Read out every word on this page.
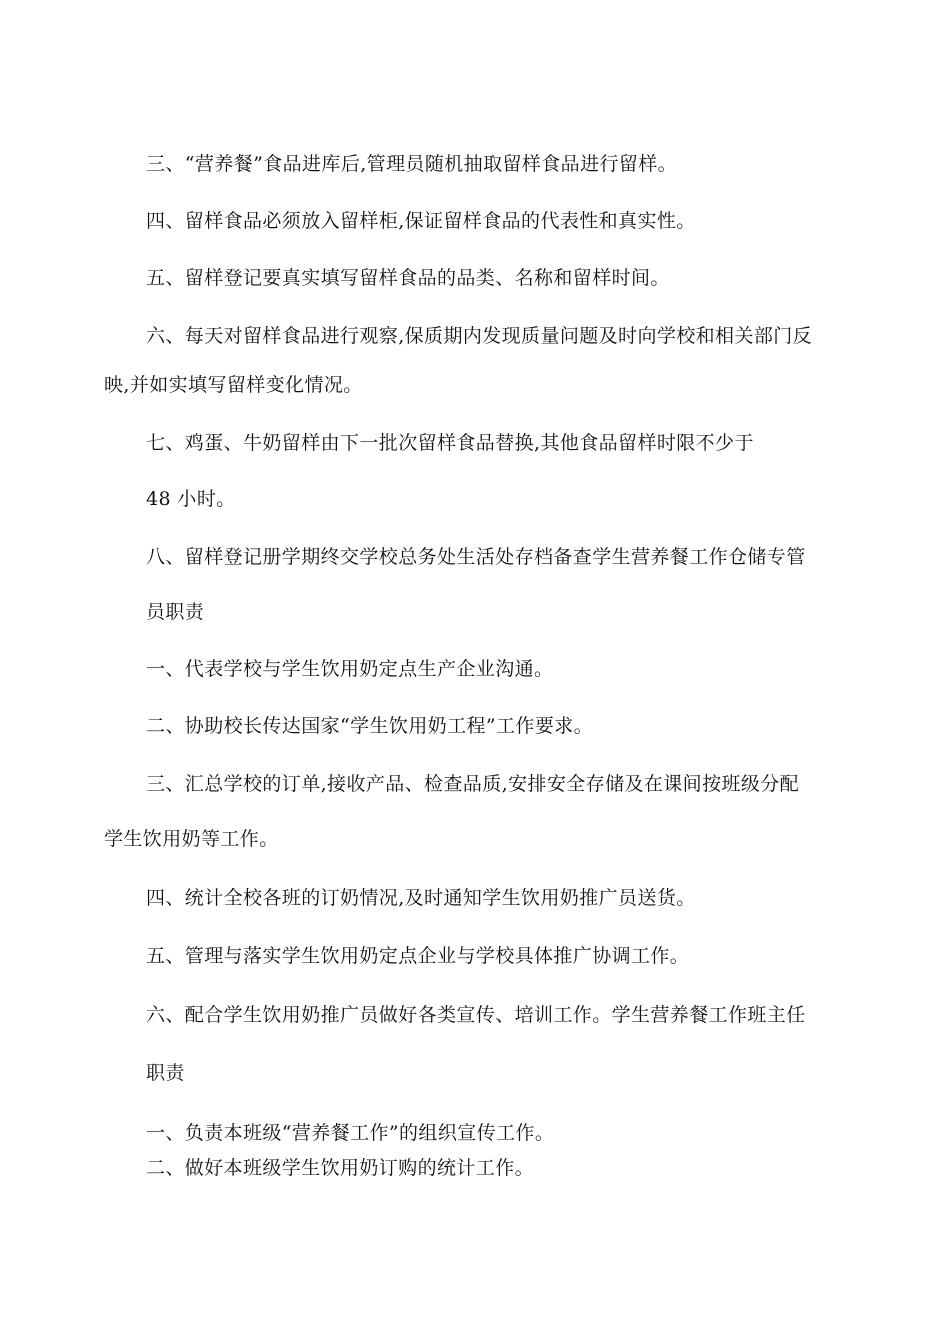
三、“营养餐”食品进库后,管理员随机抽取留样食品进行留样。
四、留样食品必须放入留样柜,保证留样食品的代表性和真实性。
五、留样登记要真实填写留样食品的品类、名称和留样时间。
六、每天对留样食品进行观察,保质期内发现质量问题及时向学校和相关部门反
映,并如实填写留样变化情况。
七、鸡蛋、牛奶留样由下一批次留样食品替换,其他食品留样时限不少于
48 小时。
八、留样登记册学期终交学校总务处生活处存档备查学生营养餐工作仓储专管
员职责
一、代表学校与学生饮用奶定点生产企业沟通。
二、协助校长传达国家“学生饮用奶工程”工作要求。
三、汇总学校的订单,接收产品、检查品质,安排安全存储及在课间按班级分配
学生饮用奶等工作。
四、统计全校各班的订奶情况,及时通知学生饮用奶推广员送货。
五、管理与落实学生饮用奶定点企业与学校具体推广协调工作。
六、配合学生饮用奶推广员做好各类宣传、培训工作。学生营养餐工作班主任
职责
一、负责本班级“营养餐工作”的组织宣传工作。
二、做好本班级学生饮用奶订购的统计工作。
